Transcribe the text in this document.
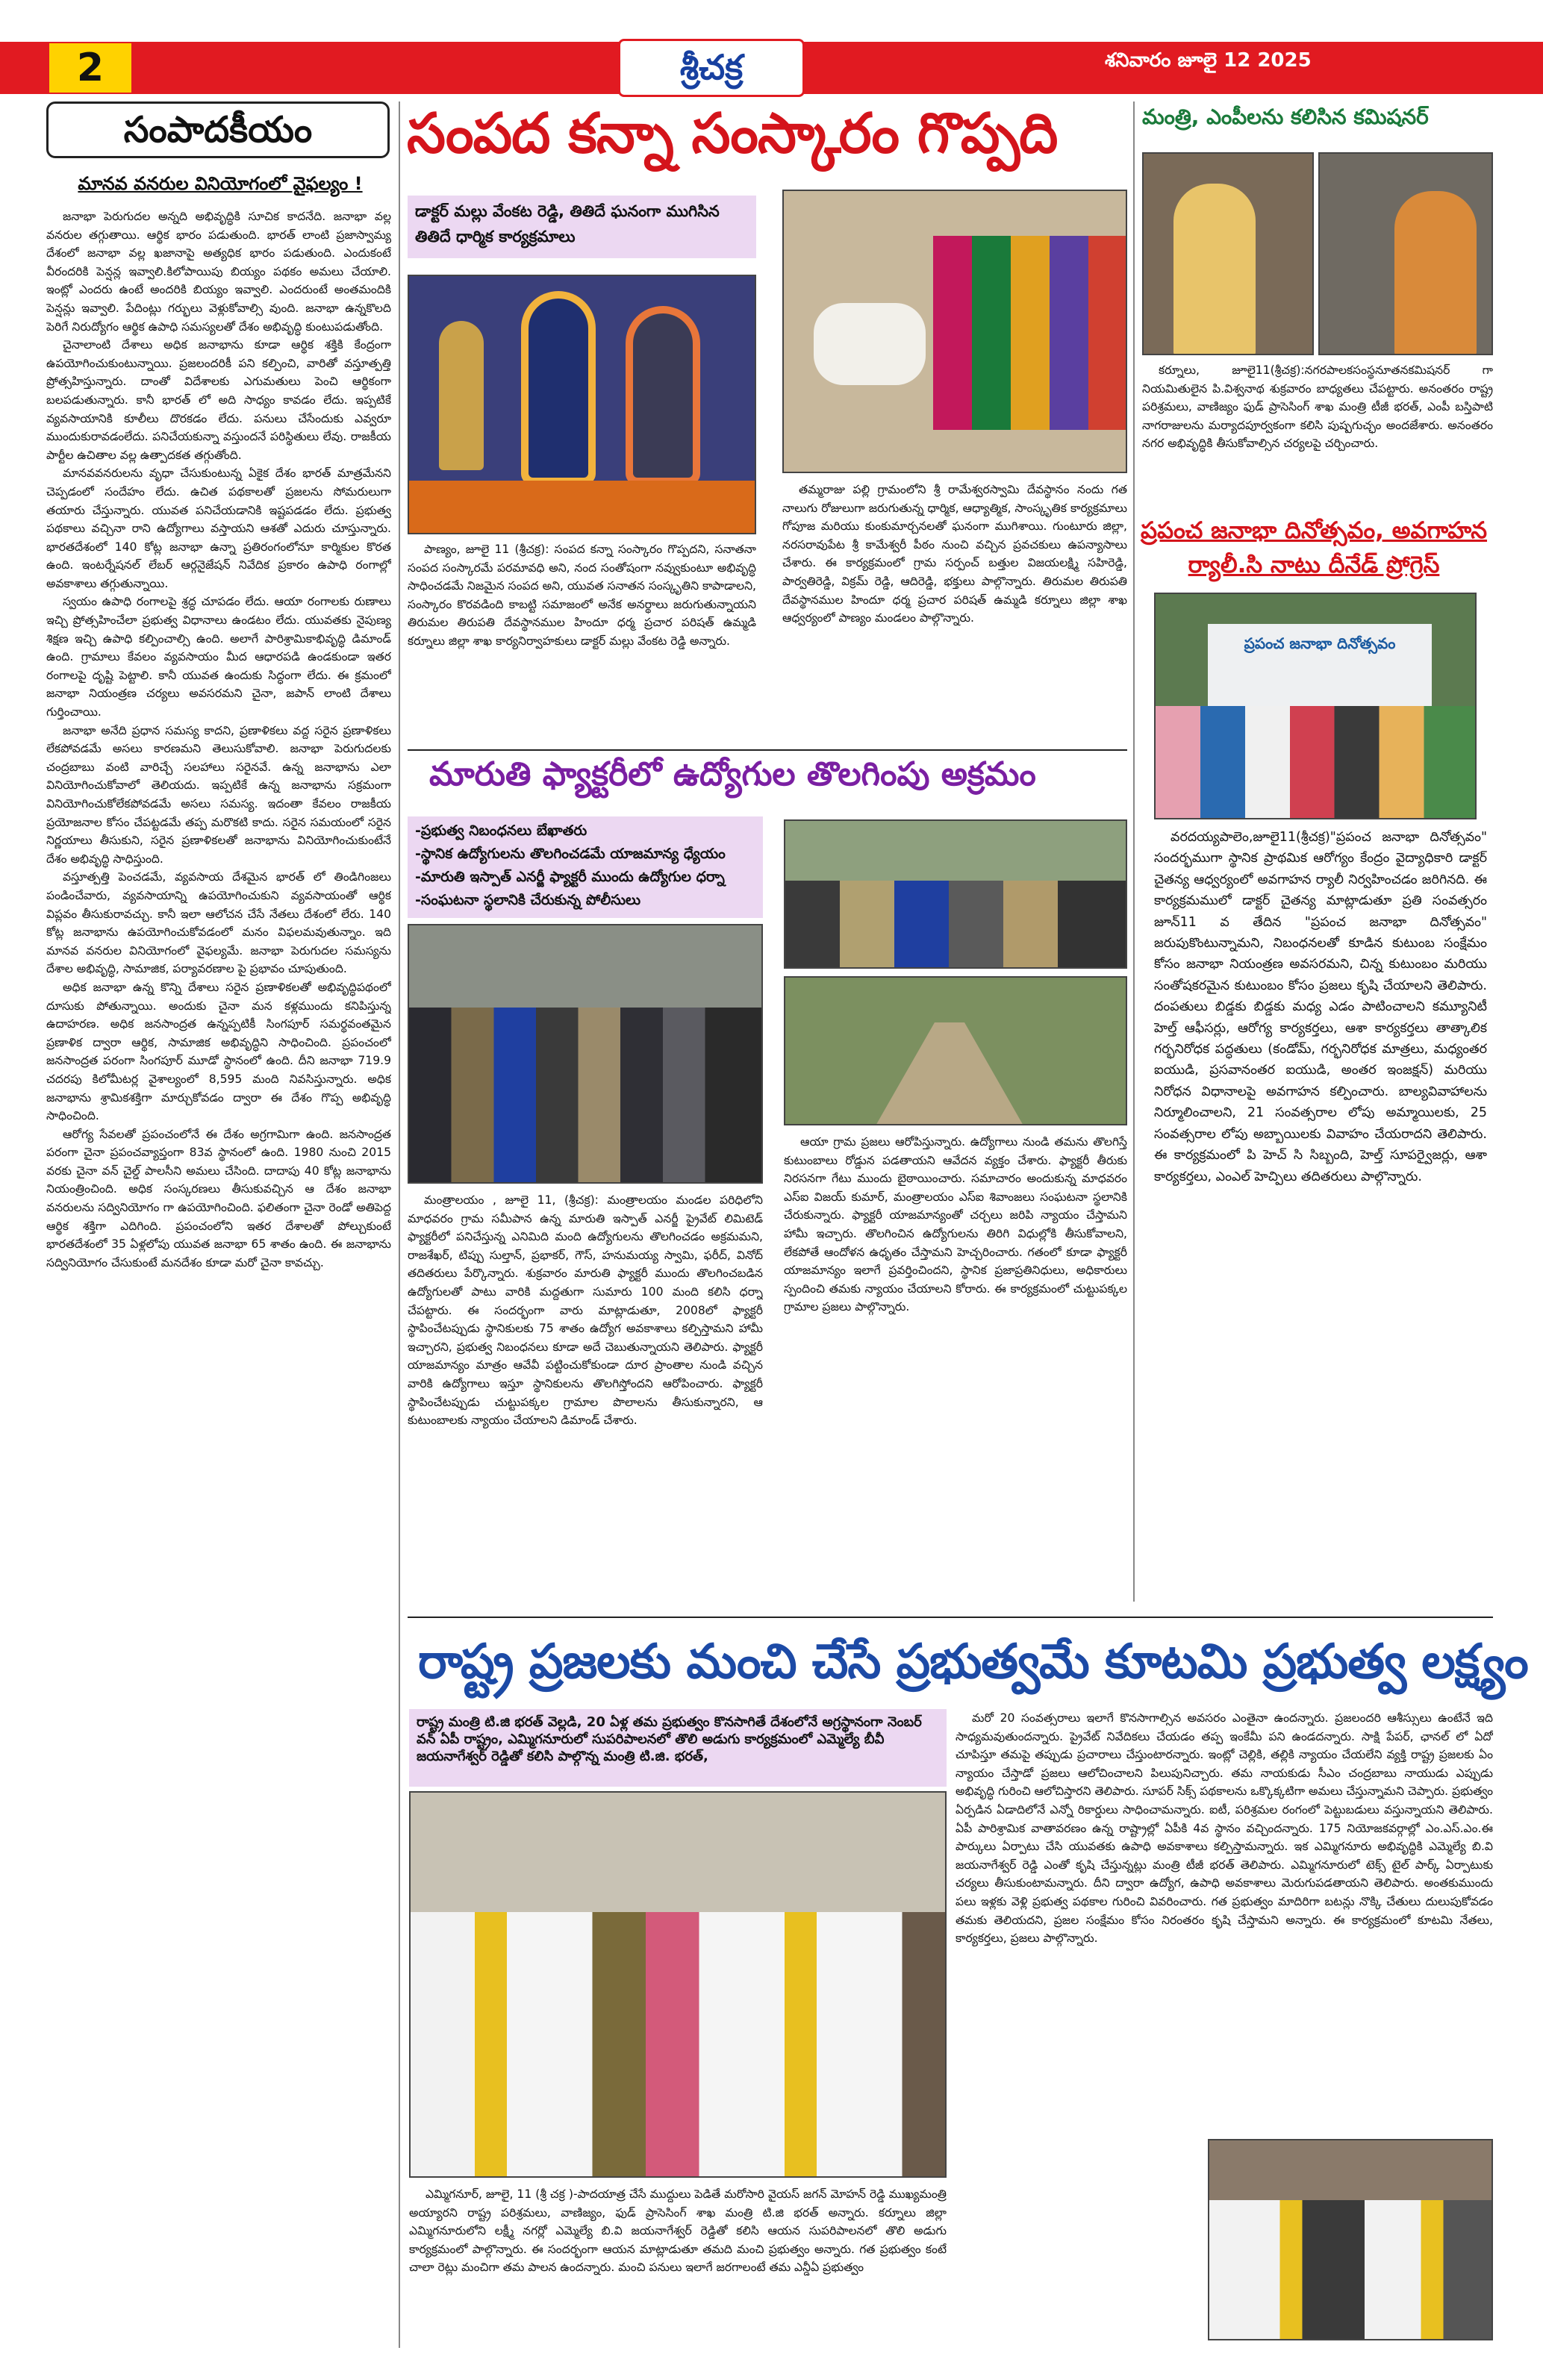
2	శ్రీచక్ర	శనివారం జూలై 12 2025
సంపాదకీయం
మానవ వనరుల వినియోగంలో వైఫల్యం !

జనాభా పెరుగుదల అన్నది అభివృద్ధికి సూచిక కాదనేది. జనాభా వల్ల వనరుల తగ్గుతాయి. ఆర్థిక భారం పడుతుంది. భారత్ లాంటి ప్రజాస్వామ్య దేశంలో జనాభా వల్ల ఖజానాపై అత్యధిక భారం పడుతుంది. ఎందుకంటే వీరందరికి పెన్షన్ల ఇవ్వాలి.కిలోపాయిపు బియ్యం పథకం అమలు చేయాలి. ఇంట్లో ఎందరు ఉంటే అందరికి బియ్యం ఇవ్వాలి. ఎందరుంటే అంతమందికి పెన్షన్లు ఇవ్వాలి. పేదింట్లు గర్భులు వెళ్లుకోవాల్సి వుంది. జనాభా ఉన్నకొలది పెరిగే నిరుద్యోగం ఆర్థిక ఉపాధి సమస్యలతో దేశం అభివృద్ధి కుంటుపడుతోంది.

చైనాలాంటి దేశాలు అధిక జనాభాను కూడా ఆర్థిక శక్తికి కేంద్రంగా ఉపయోగించుకుంటున్నాయి. ప్రజలందరికీ పని కల్పించి, వారితో వస్తూత్పత్తి ప్రోత్సహిస్తున్నారు. దాంతో విదేశాలకు ఎగుమతులు పెంచి ఆర్థికంగా బలపడుతున్నారు. కానీ భారత్ లో అది సాధ్యం కావడం లేదు. ఇప్పటికే వ్యవసాయానికి కూలీలు దొరకడం లేదు. పనులు చేసేందుకు ఎవ్వరూ ముందుకురావడంలేదు. పనిచేయకున్నా వస్తుందనే పరిస్థితులు లేవు. రాజకీయ పార్టీల ఉచితాల వల్ల ఉత్పాదకత తగ్గుతోంది.

మానవవనరులను వృధా చేసుకుంటున్న ఏకైక దేశం భారత్ మాత్రమేనని చెప్పడంలో సందేహం లేదు. ఉచిత పథకాలతో ప్రజలను సోమరులుగా తయారు చేస్తున్నారు. యువత పనిచేయడానికి ఇష్టపడడం లేదు. ప్రభుత్వ పథకాలు వచ్చినా రాని ఉద్యోగాలు వస్తాయని ఆశతో ఎదురు చూస్తున్నారు. భారతదేశంలో 140 కోట్ల జనాభా ఉన్నా ప్రతిరంగంలోనూ కార్మికుల కొరత ఉంది. ఇంటర్నేషనల్ లేబర్ ఆర్గనైజేషన్ నివేదిక ప్రకారం ఉపాధి రంగాల్లో అవకాశాలు తగ్గుతున్నాయి.

స్వయం ఉపాధి రంగాలపై శ్రద్ధ చూపడం లేదు. ఆయా రంగాలకు రుణాలు ఇచ్చి ప్రోత్సహించేలా ప్రభుత్వ విధానాలు ఉండటం లేదు. యువతకు నైపుణ్య శిక్షణ ఇచ్చి ఉపాధి కల్పించాల్సి ఉంది. అలాగే పారిశ్రామికాభివృద్ధి డిమాండ్ ఉంది. గ్రామాలు కేవలం వ్యవసాయం మీద ఆధారపడి ఉండకుండా ఇతర రంగాలపై దృష్టి పెట్టాలి. కానీ యువత ఉందుకు సిద్ధంగా లేదు. ఈ క్రమంలో జనాభా నియంత్రణ చర్యలు అవసరమని చైనా, జపాన్ లాంటి దేశాలు గుర్తించాయి.

జనాభా అనేది ప్రధాన సమస్య కాదని, ప్రణాళికలు వద్ద సరైన ప్రణాళికలు లేకపోవడమే అసలు కారణమని తెలుసుకోవాలి. జనాభా పెరుగుదలకు చంద్రబాబు వంటి వారిచ్చే సలహాలు సరైనవే. ఉన్న జనాభాను ఎలా వినియోగించుకోవాలో తెలియదు. ఇప్పటికే ఉన్న జనాభాను సక్రమంగా వినియోగించుకోలేకపోవడమే అసలు సమస్య. ఇదంతా కేవలం రాజకీయ ప్రయోజనాల కోసం చేపట్టడమే తప్ప మరొకటి కాదు. సరైన సమయంలో సరైన నిర్ణయాలు తీసుకుని, సరైన ప్రణాళికలతో జనాభాను వినియోగించుకుంటేనే దేశం అభివృద్ధి సాధిస్తుంది.

వస్తూత్పత్తి పెంచడమే, వ్యవసాయ దేశమైన భారత్ లో తిండిగింజలు పండించేవారు, వ్యవసాయాన్ని ఉపయోగించుకుని వ్యవసాయంతో ఆర్థిక విప్లవం తీసుకురావచ్చు. కానీ ఇలా ఆలోచన చేసే నేతలు దేశంలో లేరు. 140 కోట్ల జనాభాను ఉపయోగించుకోవడంలో మనం విఫలమవుతున్నాం. ఇది మానవ వనరుల వినియోగంలో వైఫల్యమే. జనాభా పెరుగుదల సమస్యను దేశాల అభివృద్ధి, సామాజిక, పర్యావరణాల పై ప్రభావం చూపుతుంది.

అధిక జనాభా ఉన్న కొన్ని దేశాలు సరైన ప్రణాళికలతో అభివృద్ధిపథంలో దూసుకు పోతున్నాయి. అందుకు చైనా మన కళ్లముందు కనిపిస్తున్న ఉదాహరణ. అధిక జనసాంద్రత ఉన్నప్పటికీ సింగపూర్ సమర్థవంతమైన ప్రణాళిక ద్వారా ఆర్థిక, సామాజిక అభివృద్ధిని సాధించింది. ప్రపంచంలో జనసాంద్రత పరంగా సింగపూర్ మూడో స్థానంలో ఉంది. దీని జనాభా 719.9 చదరపు కిలోమీటర్ల వైశాల్యంలో 8,595 మంది నివసిస్తున్నారు. అధిక జనాభాను శ్రామికశక్తిగా మార్చుకోవడం ద్వారా ఈ దేశం గొప్ప అభివృద్ధి సాధించింది.

ఆరోగ్య సేవలతో ప్రపంచంలోనే ఈ దేశం అగ్రగామిగా ఉంది. జనసాంద్రత పరంగా చైనా ప్రపంచవ్యాప్తంగా 83వ స్థానంలో ఉంది. 1980 నుంచి 2015 వరకు చైనా వన్ చైల్డ్ పాలసీని అమలు చేసింది. దాదాపు 40 కోట్ల జనాభాను నియంత్రించింది. అధిక సంస్కరణలు తీసుకువచ్చిన ఆ దేశం జనాభా వనరులను సద్వినియోగం గా ఉపయోగించింది. ఫలితంగా చైనా రెండో అతిపెద్ద ఆర్థిక శక్తిగా ఎదిగింది. ప్రపంచంలోని ఇతర దేశాలతో పోల్చుకుంటే భారతదేశంలో 35 ఏళ్లలోపు యువత జనాభా 65 శాతం ఉంది. ఈ జనాభాను సద్వినియోగం చేసుకుంటే మనదేశం కూడా మరో చైనా కావచ్చు.

సంపద కన్నా సంస్కారం గొప్పది
డాక్టర్ మల్లు వేంకట రెడ్డి, తితిదే ఘనంగా ముగిసిన తితిదే ధార్మిక కార్యక్రమాలు

పాణ్యం, జూలై 11 (శ్రీచక్ర): సంపద కన్నా సంస్కారం గొప్పదని, సనాతనా సంపద సంస్కారమే పరమావధి అని, నంద సంతోషంగా నవ్వుకుంటూ అభివృద్ధి సాధించడమే నిజమైన సంపద అని, యువత సనాతన సంస్కృతిని కాపాడాలని, సంస్కారం కొరవడింది కాబట్టి సమాజంలో అనేక అనర్థాలు జరుగుతున్నాయని తిరుమల తిరుపతి దేవస్థానముల హిందూ ధర్మ ప్రచార పరిషత్ ఉమ్మడి కర్నూలు జిల్లా శాఖ కార్యనిర్వాహకులు డాక్టర్ మల్లు వేంకట రెడ్డి అన్నారు.

తమ్మరాజు పల్లి గ్రామంలోని శ్రీ రామేశ్వరస్వామి దేవస్థానం నందు గత నాలుగు రోజులుగా జరుగుతున్న ధార్మిక, ఆధ్యాత్మిక, సాంస్కృతిక కార్యక్రమాలు గోపూజ మరియు కుంకుమార్చనలతో ఘనంగా ముగిశాయి. గుంటూరు జిల్లా, నరసరావుపేట శ్రీ కామేశ్వరీ పీఠం నుంచి వచ్చిన ప్రవచకులు ఉపన్యాసాలు చేశారు. ఈ కార్యక్రమంలో గ్రామ సర్పంచ్ బత్తుల విజయలక్ష్మి సహిరెడ్డి, పార్వతిరెడ్డి, విక్రమ్ రెడ్డి, ఆదిరెడ్డి, భక్తులు పాల్గొన్నారు. తిరుమల తిరుపతి దేవస్థానముల హిందూ ధర్మ ప్రచార పరిషత్ ఉమ్మడి కర్నూలు జిల్లా శాఖ ఆధ్వర్యంలో పాణ్యం మండలం పాల్గొన్నారు.

మంత్రి, ఎంపీలను కలిసిన కమిషనర్

కర్నూలు, జూలై11(శ్రీచక్ర):నగరపాలకసంస్థనూతనకమిషనర్ గా నియమితులైన పి.విశ్వనాథ శుక్రవారం బాధ్యతలు చేపట్టారు. అనంతరం రాష్ట్ర పరిశ్రమలు, వాణిజ్యం ఫుడ్ ప్రాసెసింగ్ శాఖ మంత్రి టీజీ భరత్, ఎంపీ బస్తిపాటి నాగరాజులను మర్యాదపూర్వకంగా కలిసి పుష్పగుచ్ఛం అందజేశారు. అనంతరం నగర అభివృద్ధికి తీసుకోవాల్సిన చర్యలపై చర్చించారు.

ప్రపంచ జనాభా దినోత్సవం, అవగాహన ర్యాలీ.సి నాటు దీనేడ్ ప్రోగ్రెస్
ప్రపంచ జనాభా దినోత్సవం

వరదయ్యపాలెం,జూలై11(శ్రీచక్ర)"ప్రపంచ జనాభా దినోత్సవం" సందర్భముగా స్థానిక ప్రాథమిక ఆరోగ్యం కేంద్రం వైద్యాధికారి డాక్టర్ చైతన్య ఆధ్వర్యంలో అవగాహన ర్యాలీ నిర్వహించడం జరిగినది. ఈ కార్యక్రమములో డాక్టర్ చైతన్య మాట్లాడుతూ ప్రతి సంవత్సరం జూన్11 వ తేదిన "ప్రపంచ జనాభా దినోత్సవం" జరుపుకొంటున్నామని, నిబంధనలతో కూడిన కుటుంబ సంక్షేమం కోసం జనాభా నియంత్రణ అవసరమని, చిన్న కుటుంబం మరియు సంతోషకరమైన కుటుంబం కోసం ప్రజలు కృషి చేయాలని తెలిపారు. దంపతులు బిడ్డకు బిడ్డకు మధ్య ఎడం పాటించాలని కమ్యూనిటీ హెల్త్ ఆఫీసర్లు, ఆరోగ్య కార్యకర్తలు, ఆశా కార్యకర్తలు తాత్కాలిక గర్భనిరోధక పద్ధతులు (కండోమ్, గర్భనిరోధక మాత్రలు, మధ్యంతర ఐయుడి, ప్రసవానంతర ఐయుడి, అంతర ఇంజక్షన్) మరియు నిరోధన విధానాలపై అవగాహన కల్పించారు. బాల్యవివాహాలను నిర్మూలించాలని, 21 సంవత్సరాల లోపు అమ్మాయిలకు, 25 సంవత్సరాల లోపు అబ్బాయిలకు వివాహం చేయరాదని తెలిపారు. ఈ కార్యక్రమంలో పి హెచ్ సి సిబ్బంది, హెల్త్ సూపర్వైజర్లు, ఆశా కార్యకర్తలు, ఎంఎల్ హెచ్పిలు తదితరులు పాల్గొన్నారు.

మారుతి ఫ్యాక్టరీలో ఉద్యోగుల తొలగింపు అక్రమం
-ప్రభుత్వ నిబంధనలు బేఖాతరు
-స్థానిక ఉద్యోగులను తొలగించడమే యాజమాన్య ధ్యేయం
-మారుతి ఇస్పాత్ ఎనర్జీ ఫ్యాక్టరీ ముందు ఉద్యోగుల ధర్నా
-సంఘటనా స్థలానికి చేరుకున్న పోలీసులు

మంత్రాలయం , జూలై 11, (శ్రీచక్ర): మంత్రాలయం మండల పరిధిలోని మాధవరం గ్రామ సమీపాన ఉన్న మారుతి ఇస్పాత్ ఎనర్జీ ప్రైవేట్ లిమిటెడ్ ఫ్యాక్టరీలో పనిచేస్తున్న ఎనిమిది మంది ఉద్యోగులను తొలగించడం అక్రమమని, రాజశేఖర్, టిప్పు సుల్తాన్, ప్రభాకర్, గౌస్, హనుమయ్య స్వామి, ఫరీద్, వినోద్ తదితరులు పేర్కొన్నారు. శుక్రవారం మారుతి ఫ్యాక్టరీ ముందు తొలగించబడిన ఉద్యోగులతో పాటు వారికి మద్దతుగా సుమారు 100 మంది కలిసి ధర్నా చేపట్టారు. ఈ సందర్భంగా వారు మాట్లాడుతూ, 2008లో ఫ్యాక్టరీ స్థాపించేటప్పుడు స్థానికులకు 75 శాతం ఉద్యోగ అవకాశాలు కల్పిస్తామని హామీ ఇచ్చారని, ప్రభుత్వ నిబంధనలు కూడా అదే చెబుతున్నాయని తెలిపారు. ఫ్యాక్టరీ యాజమాన్యం మాత్రం ఆవేవీ పట్టించుకోకుండా దూర ప్రాంతాల నుండి వచ్చిన వారికి ఉద్యోగాలు ఇస్తూ స్థానికులను తొలగిస్తోందని ఆరోపించారు. ఫ్యాక్టరీ స్థాపించేటప్పుడు చుట్టుపక్కల గ్రామాల పొలాలను తీసుకున్నారని, ఆ కుటుంబాలకు న్యాయం చేయాలని డిమాండ్ చేశారు.

ఆయా గ్రామ ప్రజలు ఆరోపిస్తున్నారు. ఉద్యోగాలు నుండి తమను తొలగిస్తే కుటుంబాలు రోడ్డున పడతాయని ఆవేదన వ్యక్తం చేశారు. ఫ్యాక్టరీ తీరుకు నిరసనగా గేటు ముందు బైఠాయించారు. సమాచారం అందుకున్న మాధవరం ఎస్ఐ విజయ్ కుమార్, మంత్రాలయం ఎస్ఐ శివాంజలు సంఘటనా స్థలానికి చేరుకున్నారు. ఫ్యాక్టరీ యాజమాన్యంతో చర్చలు జరిపి న్యాయం చేస్తామని హామీ ఇచ్చారు. తొలగించిన ఉద్యోగులను తిరిగి విధుల్లోకి తీసుకోవాలని, లేకపోతే ఆందోళన ఉధృతం చేస్తామని హెచ్చరించారు. గతంలో కూడా ఫ్యాక్టరీ యాజమాన్యం ఇలాగే ప్రవర్తించిందని, స్థానిక ప్రజాప్రతినిధులు, అధికారులు స్పందించి తమకు న్యాయం చేయాలని కోరారు. ఈ కార్యక్రమంలో చుట్టుపక్కల గ్రామాల ప్రజలు పాల్గొన్నారు.

రాష్ట్ర ప్రజలకు మంచి చేసే ప్రభుత్వమే కూటమి ప్రభుత్వ లక్ష్యం
రాష్ట్ర మంత్రి టి.జి భరత్ వెల్లడి, 20 ఏళ్ల తమ ప్రభుత్వం కొనసాగితే దేశంలోనే అగ్రస్థానంగా నెంబర్ వన్ ఏపీ రాష్ట్రం, ఎమ్మిగనూరులో సుపరిపాలనలో తొలి అడుగు కార్యక్రమంలో ఎమ్మెల్యే బీవీ జయనాగేశ్వర్ రెడ్డితో కలిసి పాల్గొన్న మంత్రి టి.జి. భరత్,

ఎమ్మిగనూర్, జూలై, 11 (శ్రీ చక్ర )-పాదయాత్ర చేసే ముద్దులు పెడితే మరోసారి వైయస్ జగన్ మోహన్ రెడ్డి ముఖ్యమంత్రి అయ్యారని రాష్ట్ర పరిశ్రమలు, వాణిజ్యం, ఫుడ్ ప్రాసెసింగ్ శాఖ మంత్రి టి.జి భరత్ అన్నారు. కర్నూలు జిల్లా ఎమ్మిగనూరులోని లక్ష్మీ నగర్లో ఎమ్మెల్యే బి.వి జయనాగేశ్వర్ రెడ్డితో కలిసి ఆయన సుపరిపాలనలో తొలి అడుగు కార్యక్రమంలో పాల్గొన్నారు. ఈ సందర్భంగా ఆయన మాట్లాడుతూ తమది మంచి ప్రభుత్వం అన్నారు. గత ప్రభుత్వం కంటే చాలా రెట్లు మంచిగా తమ పాలన ఉందన్నారు. మంచి పనులు ఇలాగే జరగాలంటే తమ ఎన్డీఏ ప్రభుత్వం

మరో 20 సంవత్సరాలు ఇలాగే కొనసాగాల్సిన అవసరం ఎంతైనా ఉందన్నారు. ప్రజలందరి ఆశీస్సులు ఉంటేనే ఇది సాధ్యమవుతుందన్నారు. ప్రైవేట్ నివేదికలు చేయడం తప్ప ఇంకేమీ పని ఉండదన్నారు. సాక్షి పేపర్, ఛానల్ లో ఏదో చూపిస్తూ తమపై తప్పుడు ప్రచారాలు చేస్తుంటారన్నారు. ఇంట్లో చెల్లికి, తల్లికి న్యాయం చేయలేని వ్యక్తి రాష్ట్ర ప్రజలకు ఏం న్యాయం చేస్తాడో ప్రజలు ఆలోచించాలని పిలుపునిచ్చారు. తమ నాయకుడు సీఎం చంద్రబాబు నాయుడు ఎప్పుడు అభివృద్ధి గురించి ఆలోచిస్తారని తెలిపారు. సూపర్ సిక్స్ పథకాలను ఒక్కొక్కటిగా అమలు చేస్తున్నామని చెప్పారు. ప్రభుత్వం ఏర్పడిన ఏడాదిలోనే ఎన్నో రికార్డులు సాధించామన్నారు. ఐటీ, పరిశ్రమల రంగంలో పెట్టుబడులు వస్తున్నాయని తెలిపారు. ఏపీ పారిశ్రామిక వాతావరణం ఉన్న రాష్ట్రాల్లో ఏపీకి 4వ స్థానం వచ్చిందన్నారు. 175 నియోజకవర్గాల్లో ఎం.ఎస్.ఎం.ఈ పార్కులు ఏర్పాటు చేసి యువతకు ఉపాధి అవకాశాలు కల్పిస్తామన్నారు. ఇక ఎమ్మిగనూరు అభివృద్ధికి ఎమ్మెల్యే బి.వి జయనాగేశ్వర్ రెడ్డి ఎంతో కృషి చేస్తున్నట్లు మంత్రి టీజీ భరత్ తెలిపారు. ఎమ్మిగనూరులో టెక్స్ టైల్ పార్క్ ఏర్పాటుకు చర్యలు తీసుకుంటామన్నారు. దీని ద్వారా ఉద్యోగ, ఉపాధి అవకాశాలు మెరుగుపడతాయని తెలిపారు. అంతకుముందు పలు ఇళ్లకు వెళ్లి ప్రభుత్వ పథకాల గురించి వివరించారు. గత ప్రభుత్వం మాదిరిగా బటన్లు నొక్కి చేతులు దులుపుకోవడం తమకు తెలియదని, ప్రజల సంక్షేమం కోసం నిరంతరం కృషి చేస్తామని అన్నారు. ఈ కార్యక్రమంలో కూటమి నేతలు, కార్యకర్తలు, ప్రజలు పాల్గొన్నారు.
